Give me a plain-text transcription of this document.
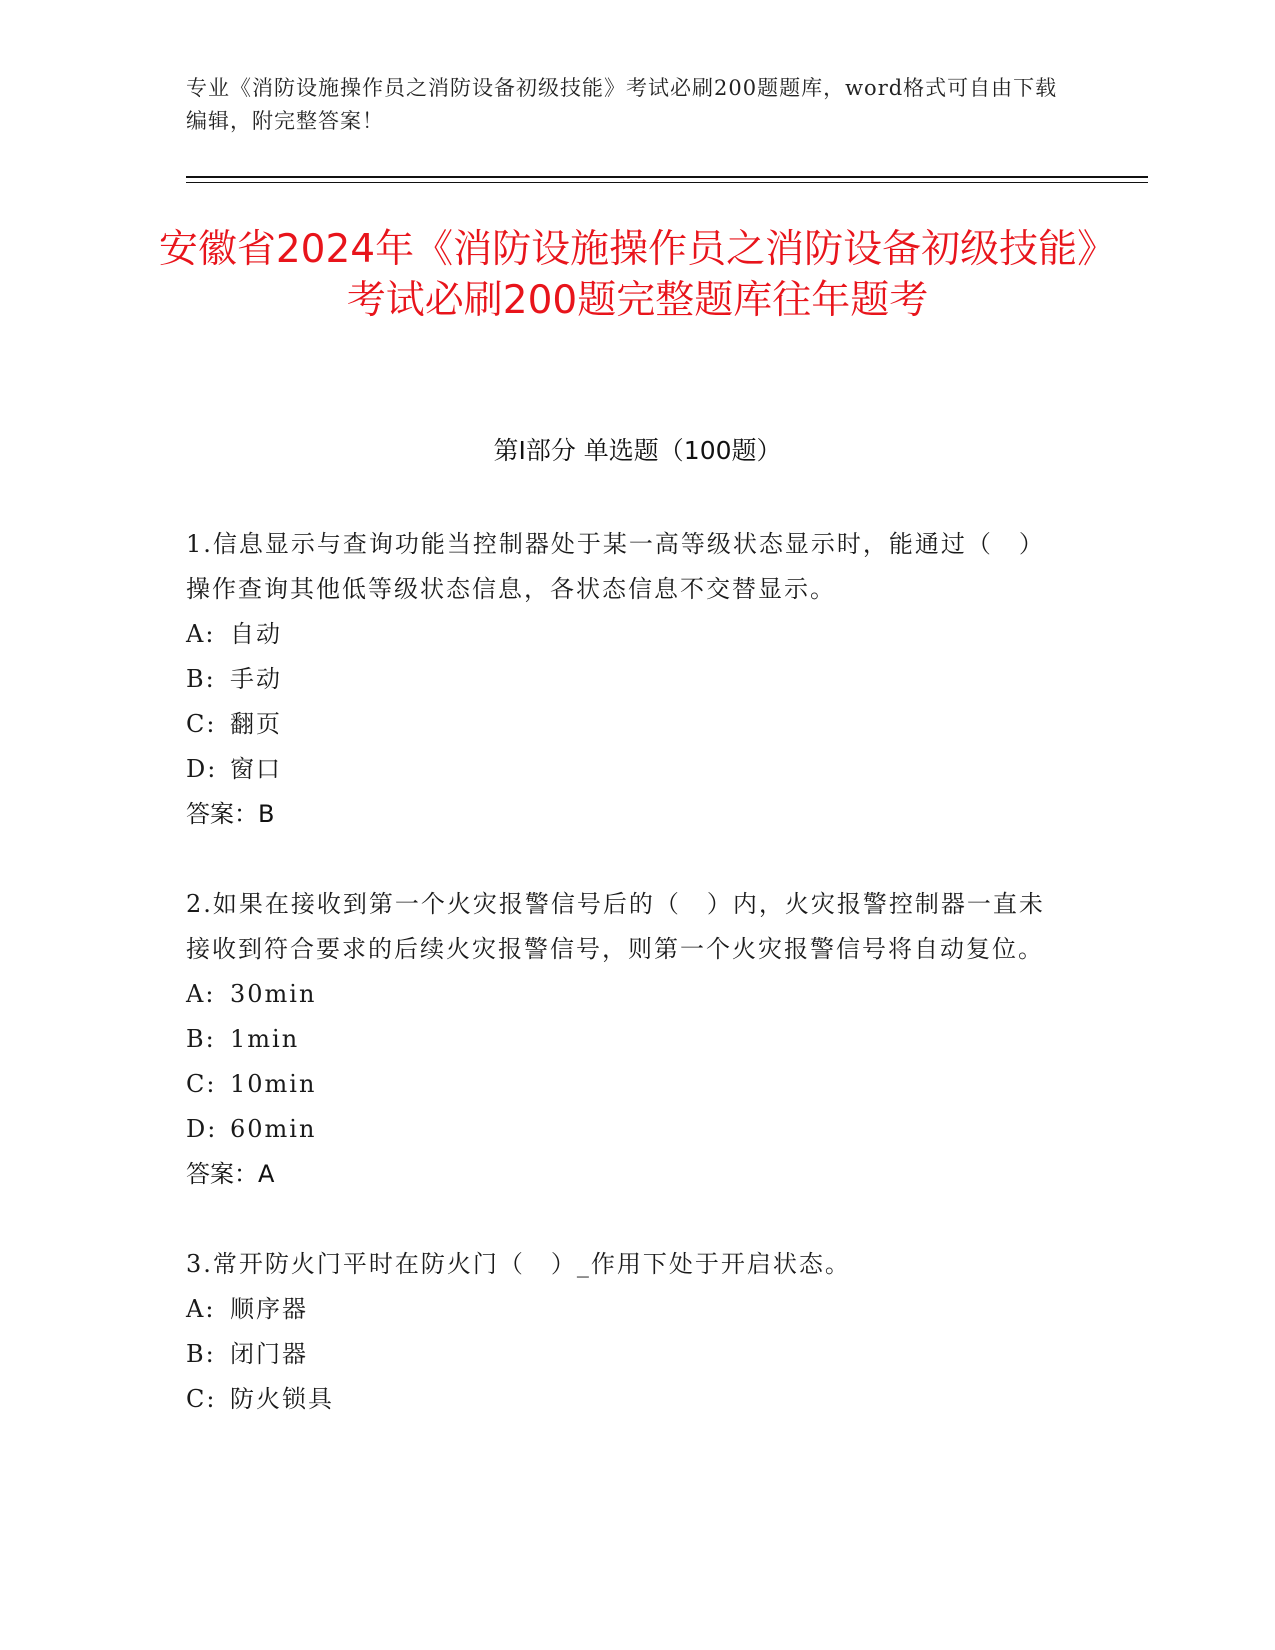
专业《消防设施操作员之消防设备初级技能》考试必刷200题题库，word格式可自由下载编辑，附完整答案！
安徽省2024年《消防设施操作员之消防设备初级技能》考试必刷200题完整题库往年题考
第Ⅰ部分 单选题（100题）

1.信息显示与查询功能当控制器处于某一高等级状态显示时，能通过（　）操作查询其他低等级状态信息，各状态信息不交替显示。

A: 自动

B: 手动

C: 翻页

D: 窗口

答案：B

2.如果在接收到第一个火灾报警信号后的（　）内，火灾报警控制器一直未接收到符合要求的后续火灾报警信号，则第一个火灾报警信号将自动复位。

A: 30min

B: 1min

C: 10min

D: 60min

答案：A

3.常开防火门平时在防火门（　）_作用下处于开启状态。

A: 顺序器

B: 闭门器

C: 防火锁具
